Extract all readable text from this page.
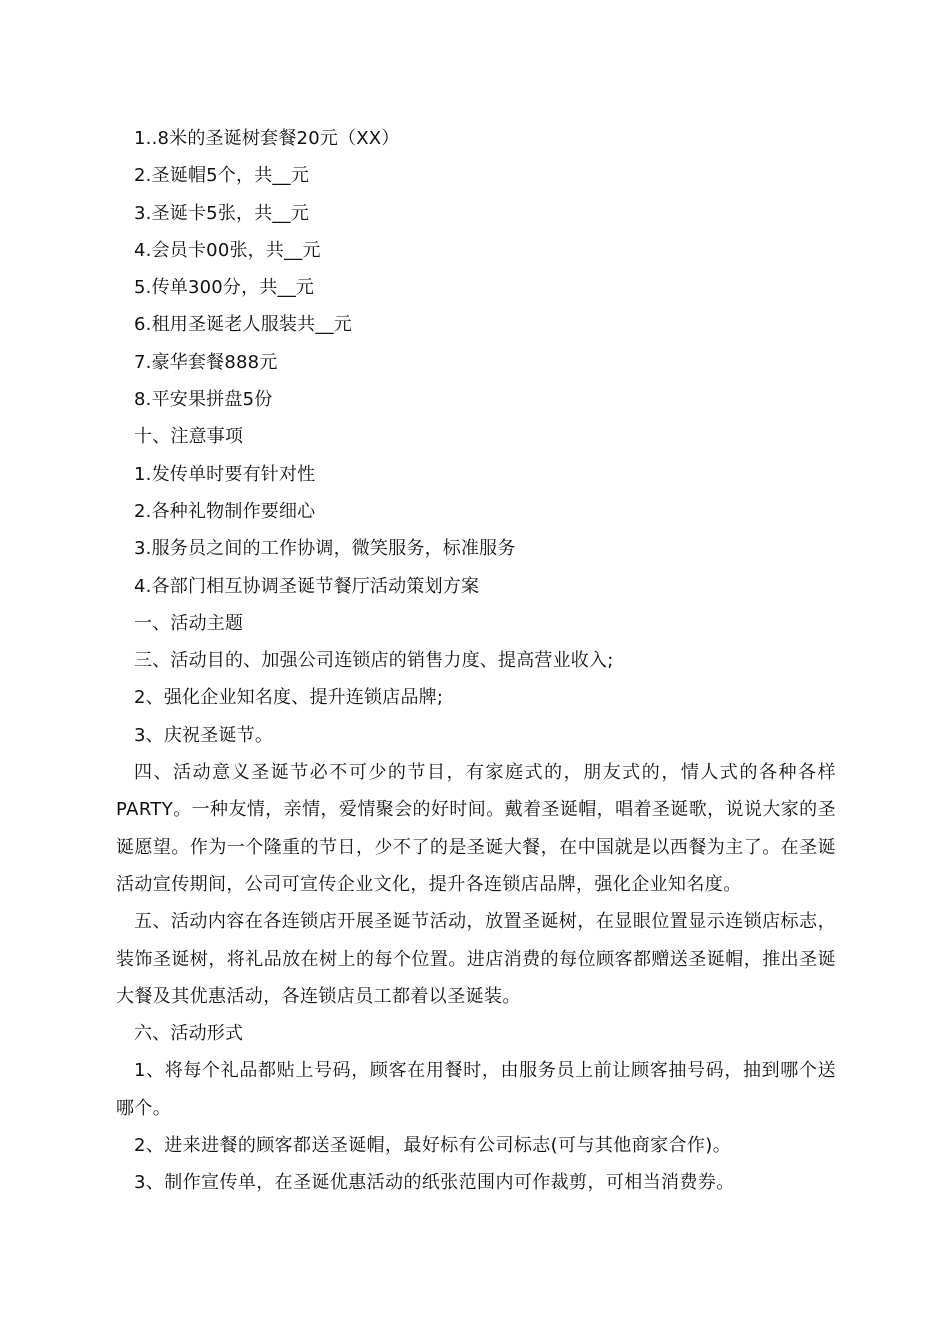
1..8米的圣诞树套餐20元（XX）
2.圣诞帽5个，共__元
3.圣诞卡5张，共__元
4.会员卡00张，共__元
5.传单300分，共__元
6.租用圣诞老人服装共__元
7.豪华套餐888元
8.平安果拼盘5份
十、注意事项
1.发传单时要有针对性
2.各种礼物制作要细心
3.服务员之间的工作协调，微笑服务，标准服务
4.各部门相互协调圣诞节餐厅活动策划方案
一、活动主题
三、活动目的、加强公司连锁店的销售力度、提高营业收入;
2、强化企业知名度、提升连锁店品牌;
3、庆祝圣诞节。

四、活动意义圣诞节必不可少的节目，有家庭式的，朋友式的，情人式的各种各样PARTY。一种友情，亲情，爱情聚会的好时间。戴着圣诞帽，唱着圣诞歌，说说大家的圣诞愿望。作为一个隆重的节日，少不了的是圣诞大餐，在中国就是以西餐为主了。在圣诞活动宣传期间，公司可宣传企业文化，提升各连锁店品牌，强化企业知名度。

五、活动内容在各连锁店开展圣诞节活动，放置圣诞树，在显眼位置显示连锁店标志，装饰圣诞树，将礼品放在树上的每个位置。进店消费的每位顾客都赠送圣诞帽，推出圣诞大餐及其优惠活动，各连锁店员工都着以圣诞装。

六、活动形式

1、将每个礼品都贴上号码，顾客在用餐时，由服务员上前让顾客抽号码，抽到哪个送哪个。

2、进来进餐的顾客都送圣诞帽，最好标有公司标志(可与其他商家合作)。

3、制作宣传单，在圣诞优惠活动的纸张范围内可作裁剪，可相当消费券。
